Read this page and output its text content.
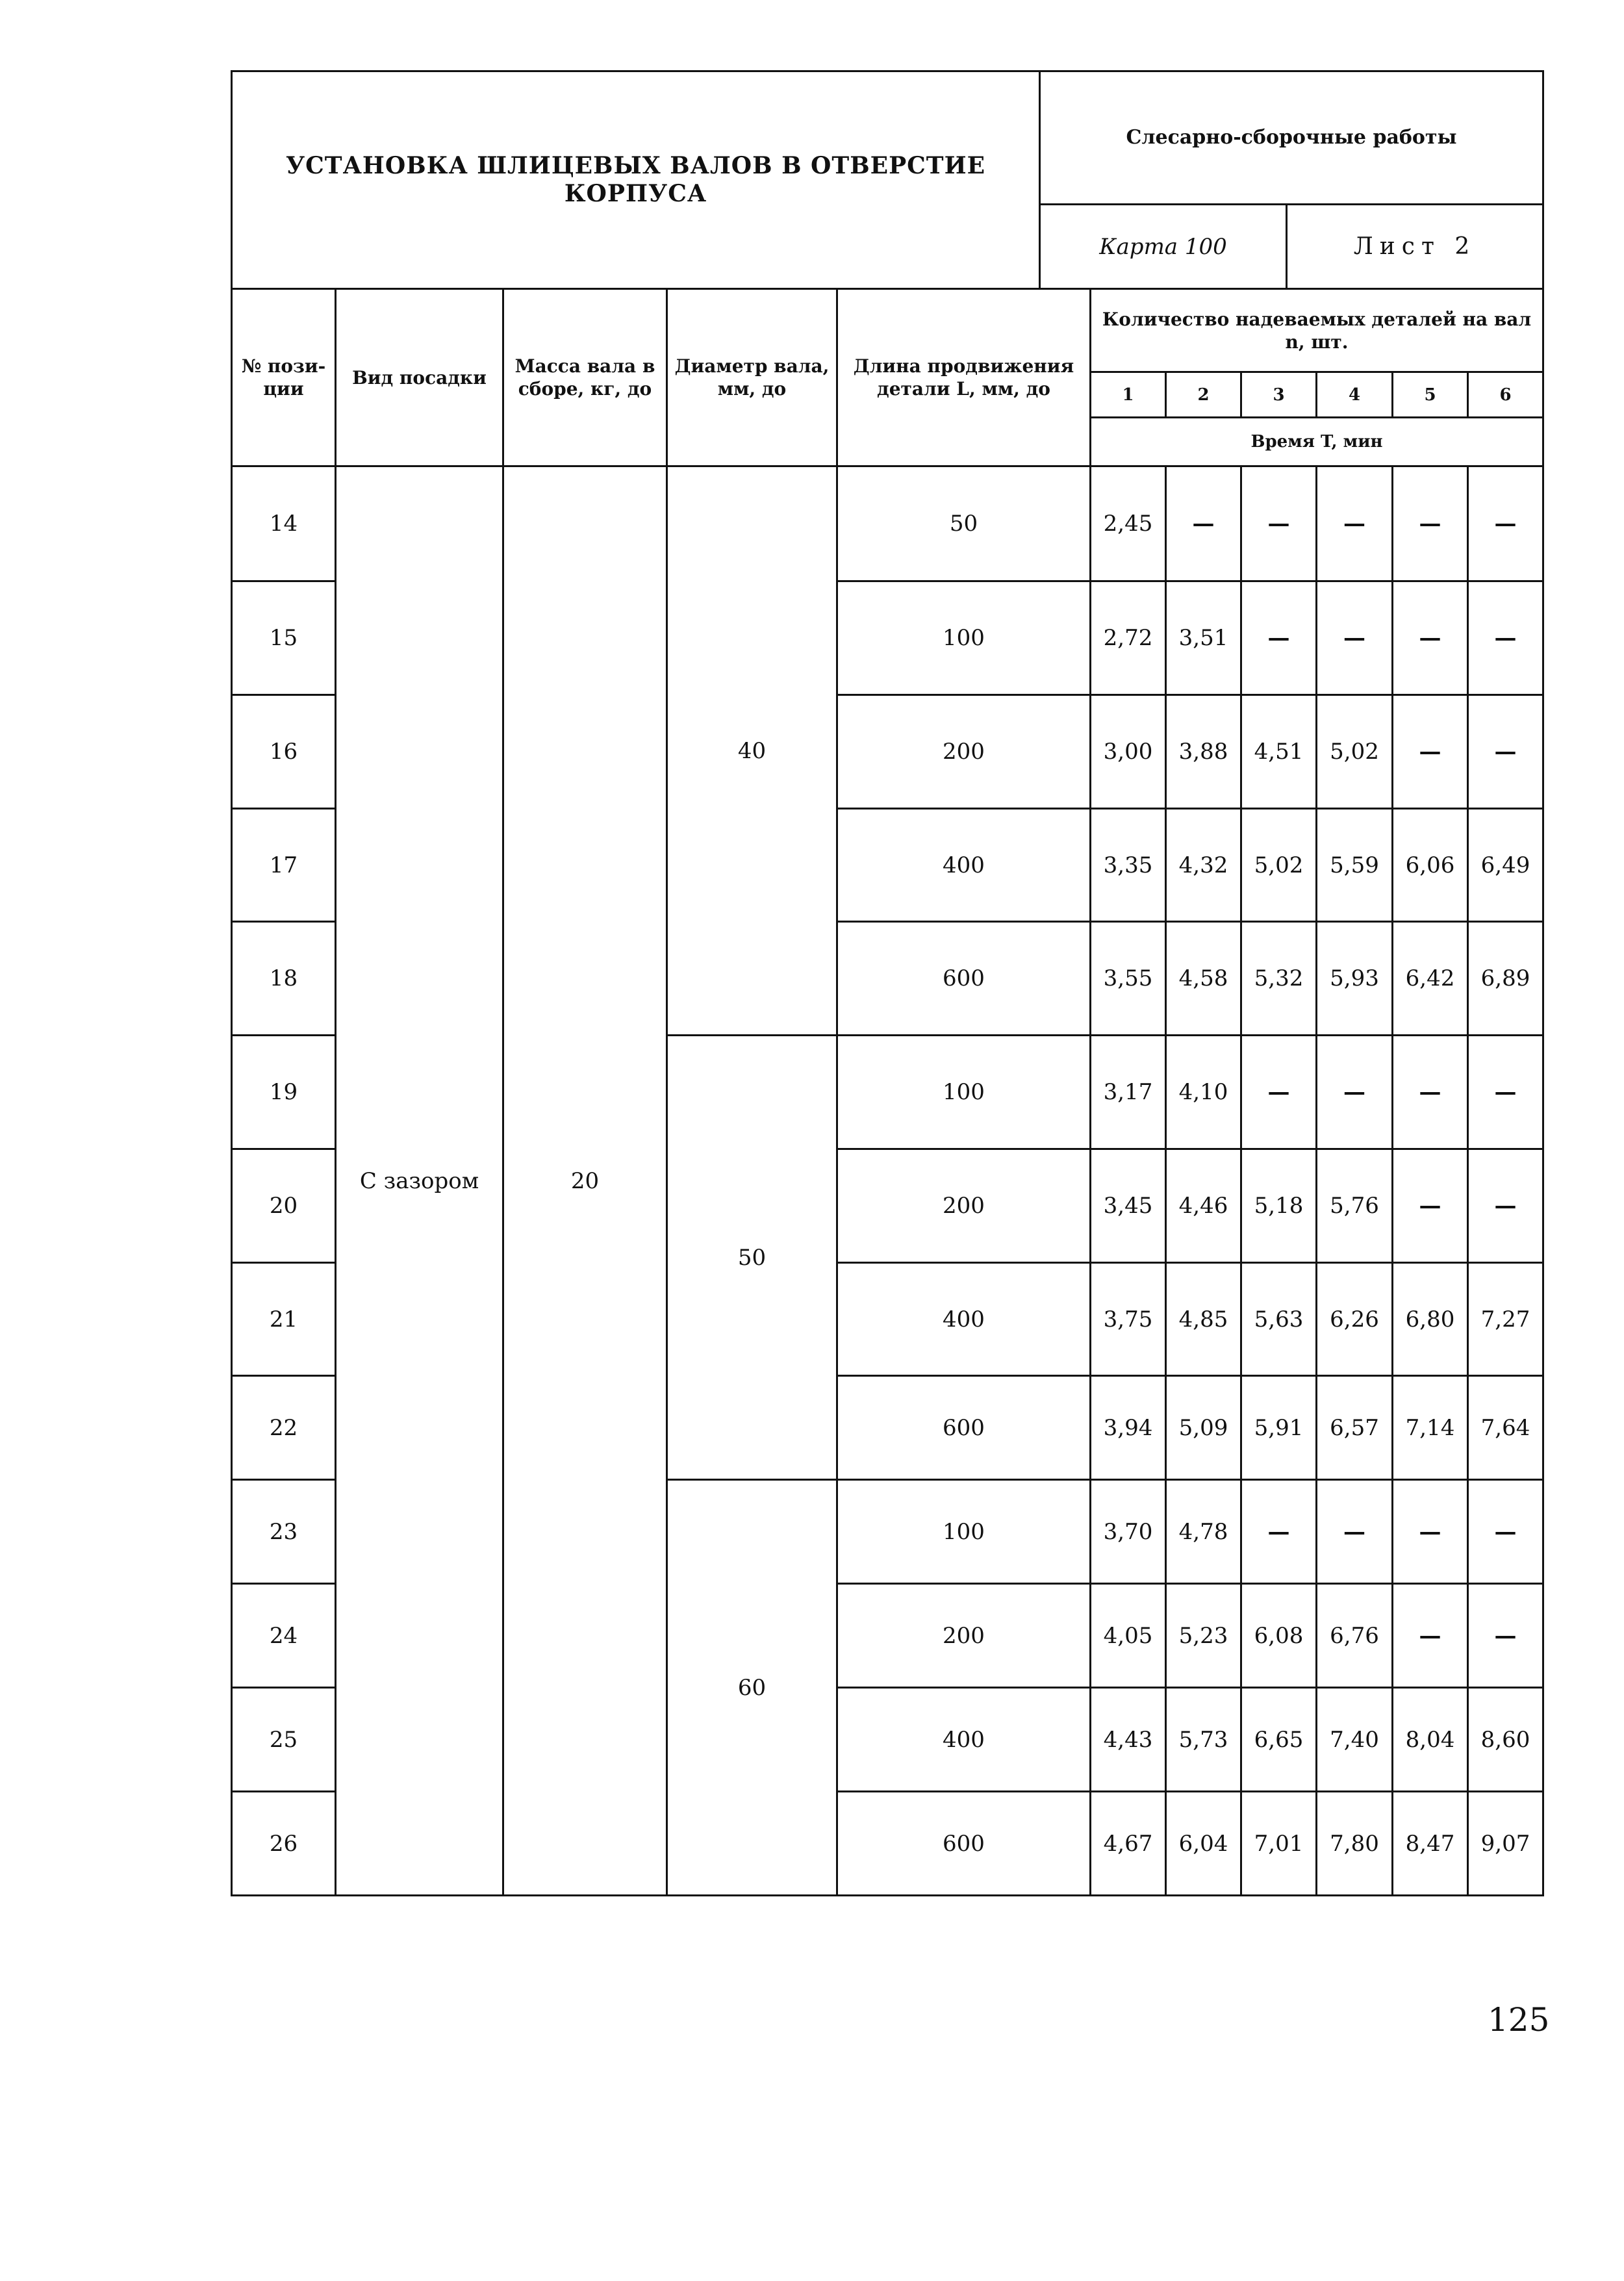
УСТАНОВКА ШЛИЦЕВЫХ ВАЛОВ В ОТВЕРСТИЕ КОРПУСА	Слесарно-сборочные работы	
	Карта 100	Лист 2
№ пози-ции	Вид посадки	Масса вала в сборе, кг, до	Диаметр вала, мм, до	Длина продвижения детали L, мм, до	Количество надеваемых деталей на вал n, шт.					
					1	2	3	4	5	6
					Время T, мин					
14	С зазором	20	40	50	2,45	—	—	—	—	—
15				100	2,72	3,51	—	—	—	—
16				200	3,00	3,88	4,51	5,02	—	—
17				400	3,35	4,32	5,02	5,59	6,06	6,49
18				600	3,55	4,58	5,32	5,93	6,42	6,89
19			50	100	3,17	4,10	—	—	—	—
20				200	3,45	4,46	5,18	5,76	—	—
21				400	3,75	4,85	5,63	6,26	6,80	7,27
22				600	3,94	5,09	5,91	6,57	7,14	7,64
23			60	100	3,70	4,78	—	—	—	—
24				200	4,05	5,23	6,08	6,76	—	—
25				400	4,43	5,73	6,65	7,40	8,04	8,60
26				600	4,67	6,04	7,01	7,80	8,47	9,07
125
